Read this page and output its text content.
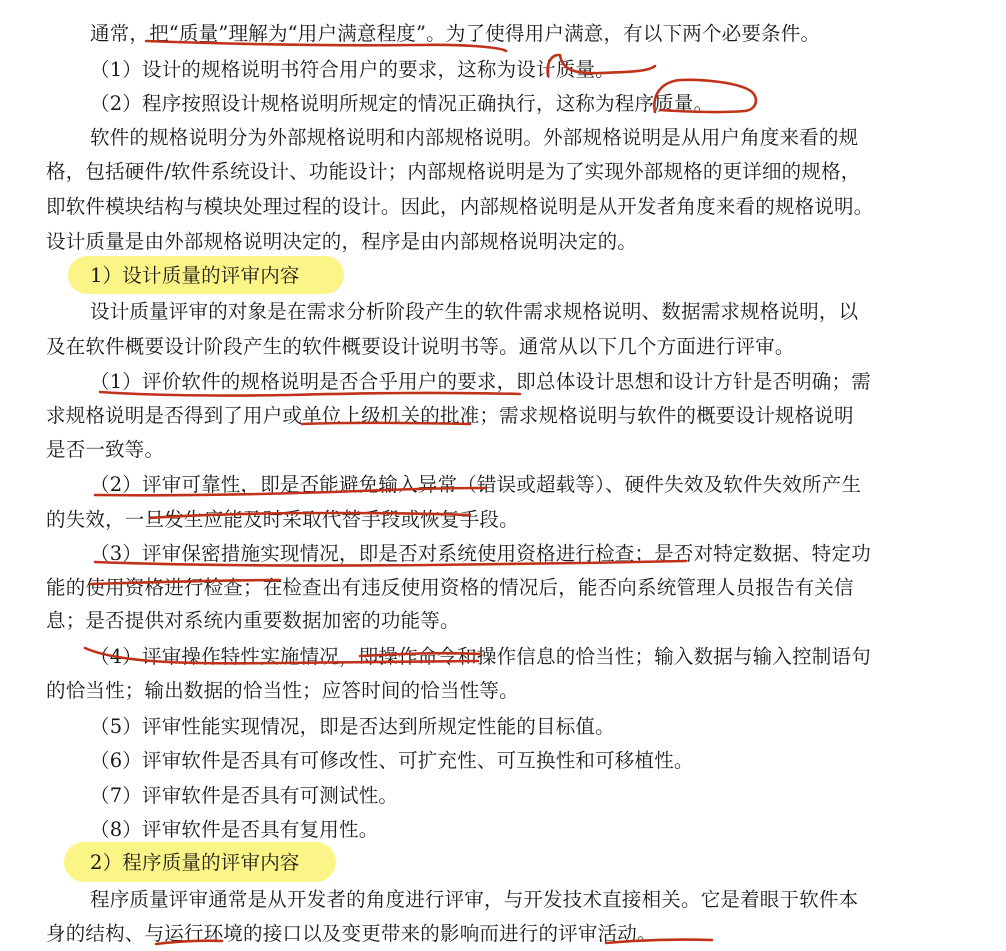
通常，把“质量”理解为“用户满意程度”。为了使得用户满意，有以下两个必要条件。
（1）设计的规格说明书符合用户的要求，这称为设计质量。
（2）程序按照设计规格说明所规定的情况正确执行，这称为程序质量。
软件的规格说明分为外部规格说明和内部规格说明。外部规格说明是从用户角度来看的规
格，包括硬件/软件系统设计、功能设计；内部规格说明是为了实现外部规格的更详细的规格，
即软件模块结构与模块处理过程的设计。因此，内部规格说明是从开发者角度来看的规格说明。
设计质量是由外部规格说明决定的，程序是由内部规格说明决定的。
1）设计质量的评审内容
设计质量评审的对象是在需求分析阶段产生的软件需求规格说明、数据需求规格说明，以
及在软件概要设计阶段产生的软件概要设计说明书等。通常从以下几个方面进行评审。
（1）评价软件的规格说明是否合乎用户的要求，即总体设计思想和设计方针是否明确；需
求规格说明是否得到了用户或单位上级机关的批准；需求规格说明与软件的概要设计规格说明
是否一致等。
（2）评审可靠性，即是否能避免输入异常（错误或超载等）、硬件失效及软件失效所产生
的失效，一旦发生应能及时采取代替手段或恢复手段。
（3）评审保密措施实现情况，即是否对系统使用资格进行检查；是否对特定数据、特定功
能的使用资格进行检查；在检查出有违反使用资格的情况后，能否向系统管理人员报告有关信
息；是否提供对系统内重要数据加密的功能等。
（4）评审操作特性实施情况，即操作命令和操作信息的恰当性；输入数据与输入控制语句
的恰当性；输出数据的恰当性；应答时间的恰当性等。
（5）评审性能实现情况，即是否达到所规定性能的目标值。
（6）评审软件是否具有可修改性、可扩充性、可互换性和可移植性。
（7）评审软件是否具有可测试性。
（8）评审软件是否具有复用性。
2）程序质量的评审内容
程序质量评审通常是从开发者的角度进行评审，与开发技术直接相关。它是着眼于软件本
身的结构、与运行环境的接口以及变更带来的影响而进行的评审活动。
